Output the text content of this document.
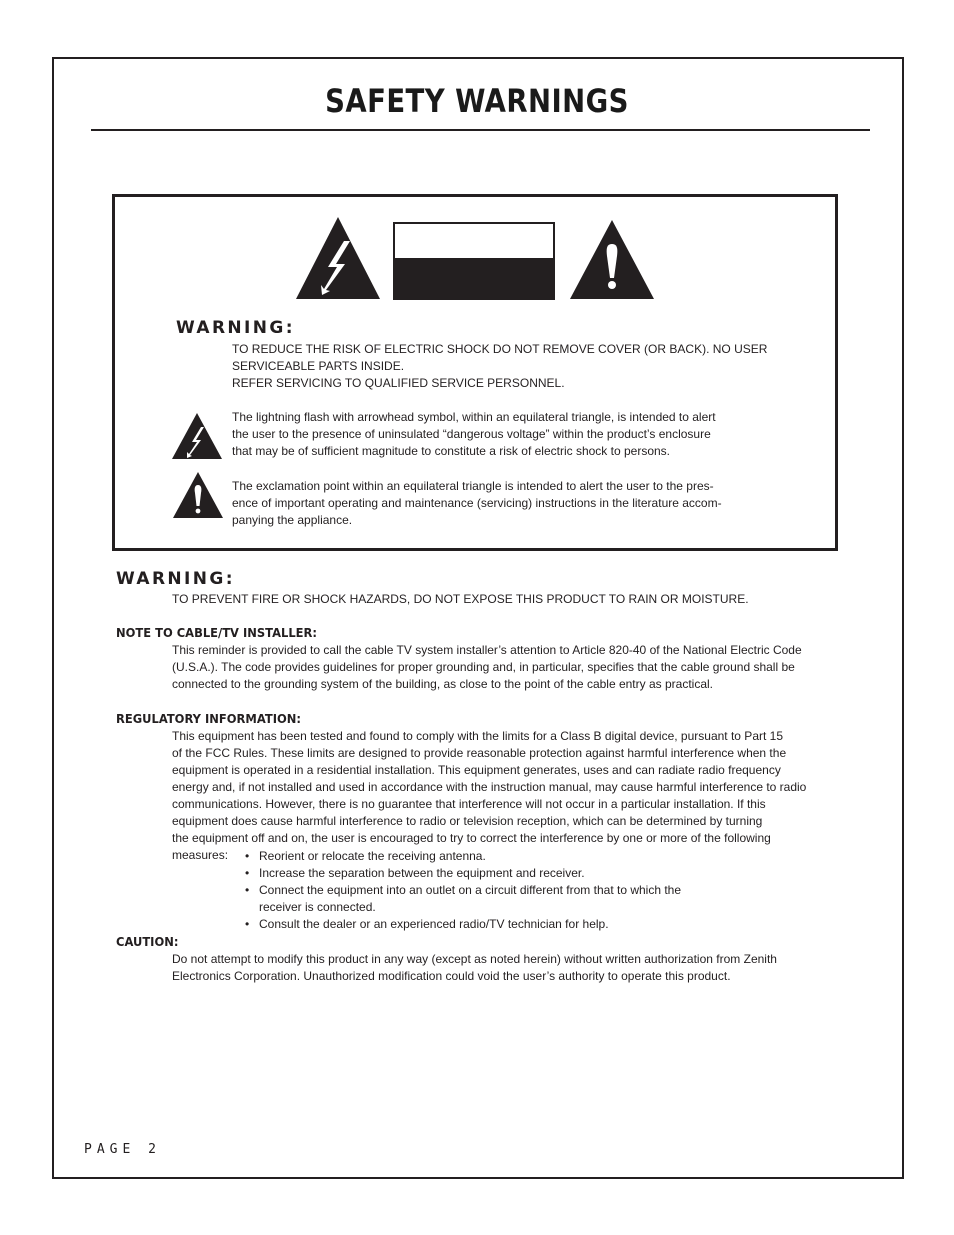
SAFETY WARNINGS
WARNING:
TO REDUCE THE RISK OF ELECTRIC SHOCK DO NOT REMOVE COVER (OR BACK). NO USER
SERVICEABLE PARTS INSIDE.
REFER SERVICING TO QUALIFIED SERVICE PERSONNEL.
The lightning flash with arrowhead symbol, within an equilateral triangle, is intended to alert
the user to the presence of uninsulated “dangerous voltage” within the product’s enclosure
that may be of sufficient magnitude to constitute a risk of electric shock to persons.
The exclamation point within an equilateral triangle is intended to alert the user to the pres-
ence of important operating and maintenance (servicing) instructions in the literature accom-
panying the appliance.
WARNING:
TO PREVENT FIRE OR SHOCK HAZARDS, DO NOT EXPOSE THIS PRODUCT TO RAIN OR MOISTURE.
NOTE TO CABLE/TV INSTALLER:
This reminder is provided to call the cable TV system installer’s attention to Article 820-40 of the National Electric Code
(U.S.A.). The code provides guidelines for proper grounding and, in particular, specifies that the cable ground shall be
connected to the grounding system of the building, as close to the point of the cable entry as practical.
REGULATORY INFORMATION:
This equipment has been tested and found to comply with the limits for a Class B digital device, pursuant to Part 15
of the FCC Rules. These limits are designed to provide reasonable protection against harmful interference when the
equipment is operated in a residential installation. This equipment generates, uses and can radiate radio frequency
energy and, if not installed and used in accordance with the instruction manual, may cause harmful interference to radio
communications. However, there is no guarantee that interference will not occur in a particular installation. If this
equipment does cause harmful interference to radio or television reception, which can be determined by turning
the equipment off and on, the user is encouraged to try to correct the interference by one or more of the following
measures:
•	Reorient or relocate the receiving antenna.
• Increase the separation between the equipment and receiver.
• Connect the equipment into an outlet on a circuit different from that to which the
receiver is connected.
• Consult the dealer or an experienced radio/TV technician for help.
CAUTION:
Do not attempt to modify this product in any way (except as noted herein) without written authorization from Zenith
Electronics Corporation. Unauthorized modification could void the user’s authority to operate this product.
PAGE 2
